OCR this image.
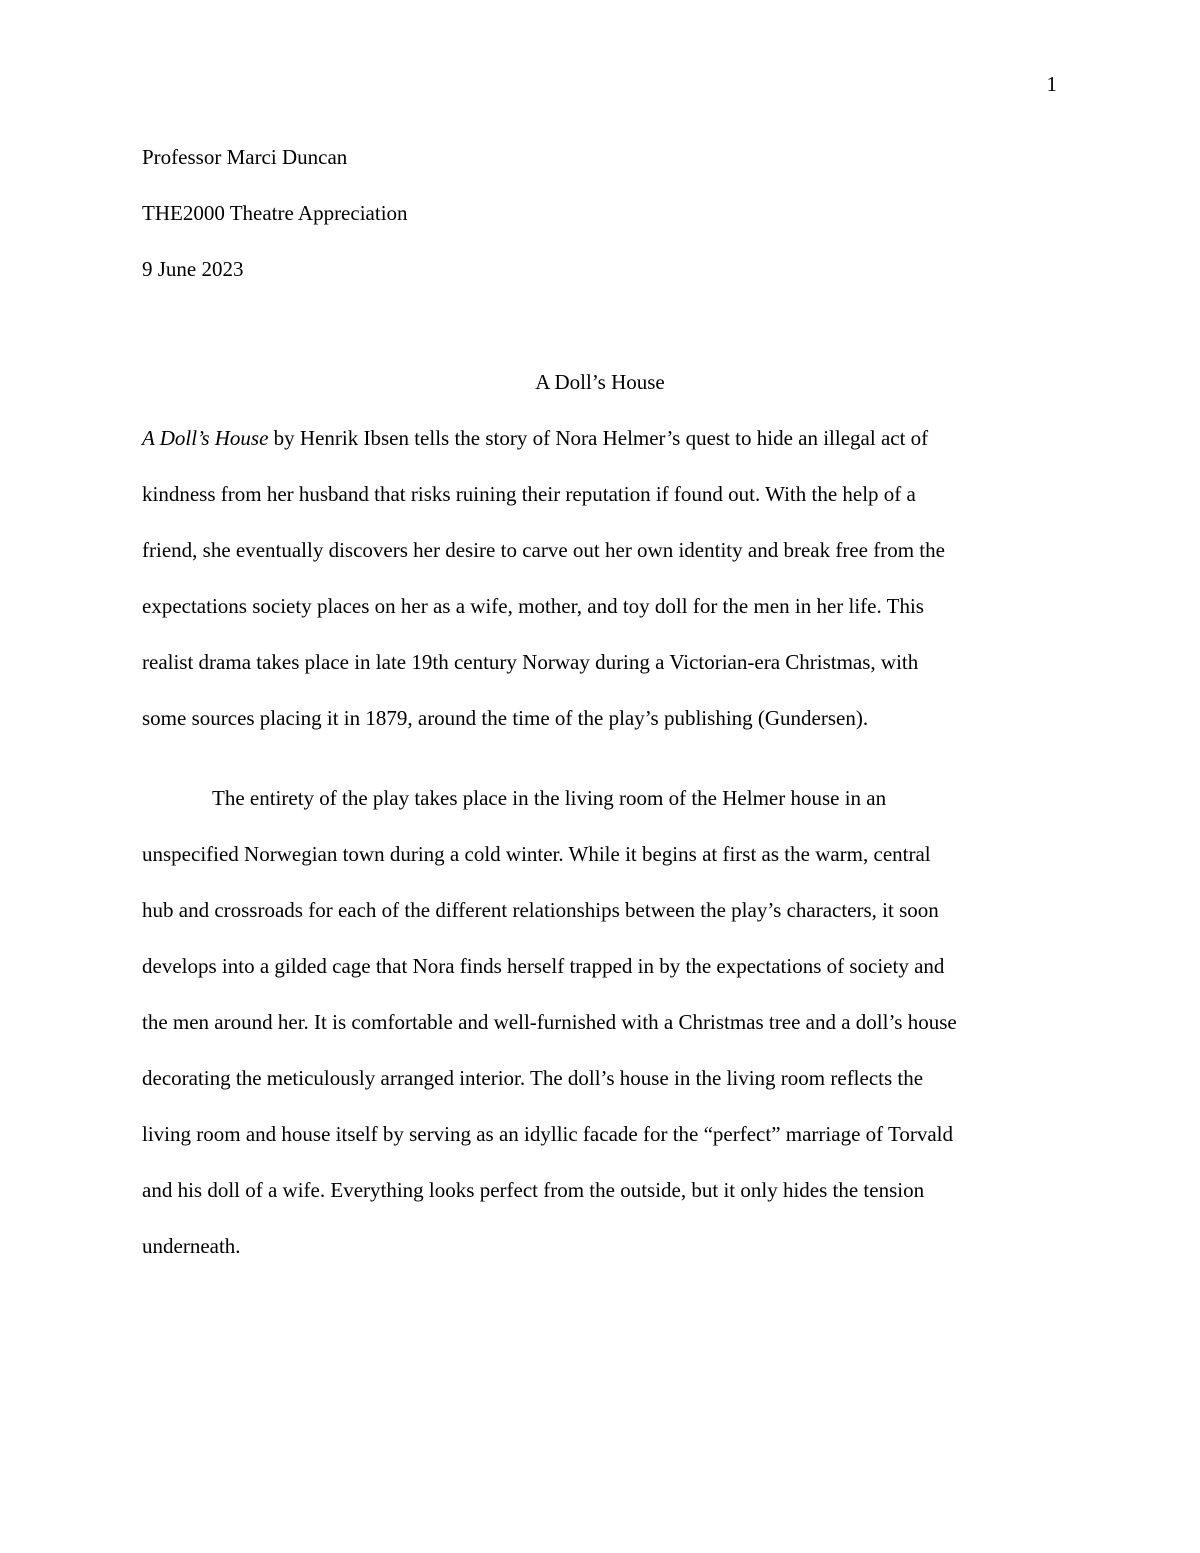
1
Professor Marci Duncan
THE2000 Theatre Appreciation
9 June 2023
A Doll’s House
A Doll’s House by Henrik Ibsen tells the story of Nora Helmer’s quest to hide an illegal act of
kindness from her husband that risks ruining their reputation if found out. With the help of a
friend, she eventually discovers her desire to carve out her own identity and break free from the
expectations society places on her as a wife, mother, and toy doll for the men in her life. This
realist drama takes place in late 19th century Norway during a Victorian-era Christmas, with
some sources placing it in 1879, around the time of the play’s publishing (Gundersen).
The entirety of the play takes place in the living room of the Helmer house in an
unspecified Norwegian town during a cold winter. While it begins at first as the warm, central
hub and crossroads for each of the different relationships between the play’s characters, it soon
develops into a gilded cage that Nora finds herself trapped in by the expectations of society and
the men around her. It is comfortable and well-furnished with a Christmas tree and a doll’s house
decorating the meticulously arranged interior. The doll’s house in the living room reflects the
living room and house itself by serving as an idyllic facade for the “perfect” marriage of Torvald
and his doll of a wife. Everything looks perfect from the outside, but it only hides the tension
underneath.
